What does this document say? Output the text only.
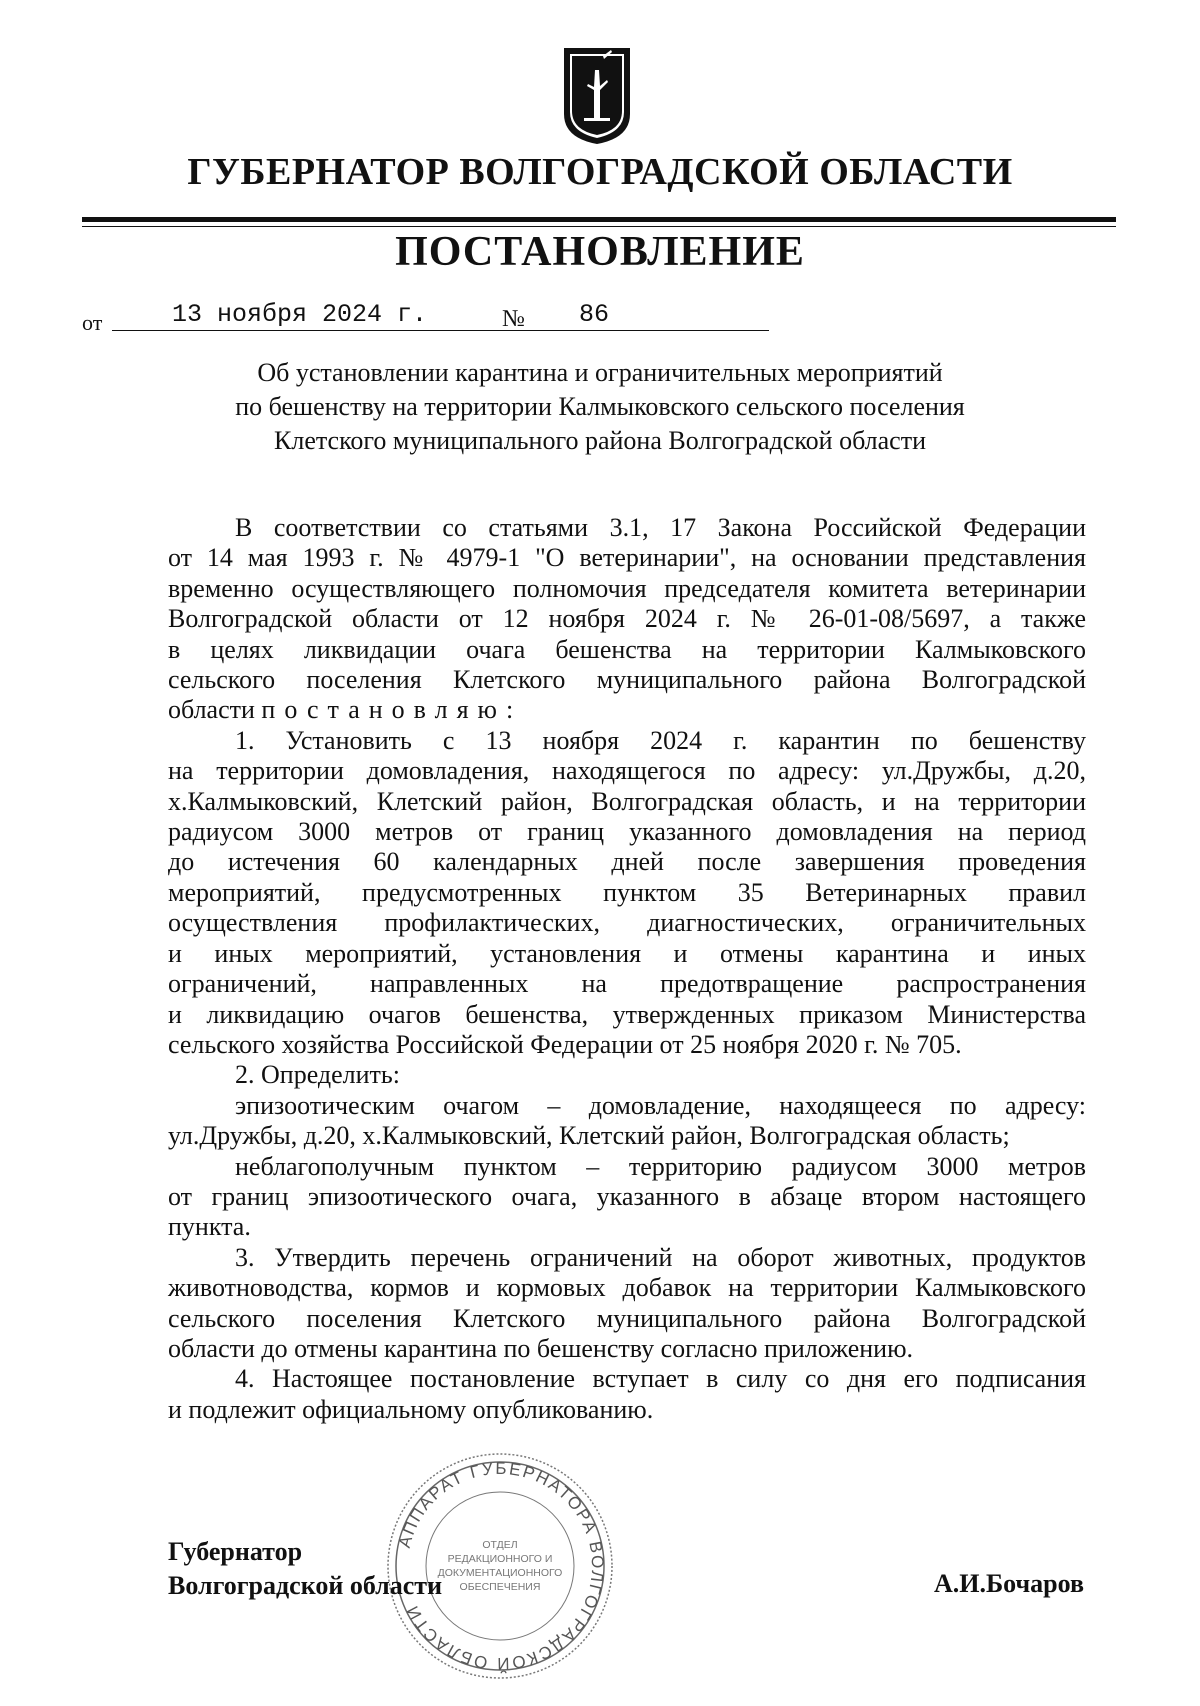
ГУБЕРНАТОР ВОЛГОГРАДСКОЙ ОБЛАСТИ
ПОСТАНОВЛЕНИЕ
от	13 ноября 2024 г.	№ 86
Об установлении карантина и ограничительных мероприятий
по бешенству на территории Калмыковского сельского поселения
Клетского муниципального района Волгоградской области
В соответствии со статьями 3.1, 17 Закона Российской Федерации
от 14 мая 1993 г. № 4979-1 "О ветеринарии", на основании представления
временно осуществляющего полномочия председателя комитета ветеринарии
Волгоградской области от 12 ноября 2024 г. № 26-01-08/5697, а также
в целях ликвидации очага бешенства на территории Калмыковского
сельского поселения Клетского муниципального района Волгоградской
области постановляю:
1. Установить с 13 ноября 2024 г. карантин по бешенству
на территории домовладения, находящегося по адресу: ул.Дружбы, д.20,
х.Калмыковский, Клетский район, Волгоградская область, и на территории
радиусом 3000 метров от границ указанного домовладения на период
до истечения 60 календарных дней после завершения проведения
мероприятий, предусмотренных пунктом 35 Ветеринарных правил
осуществления профилактических, диагностических, ограничительных
и иных мероприятий, установления и отмены карантина и иных
ограничений, направленных на предотвращение распространения
и ликвидацию очагов бешенства, утвержденных приказом Министерства
сельского хозяйства Российской Федерации от 25 ноября 2020 г. № 705.
2. Определить:
эпизоотическим очагом – домовладение, находящееся по адресу:
ул.Дружбы, д.20, х.Калмыковский, Клетский район, Волгоградская область;
неблагополучным пунктом – территорию радиусом 3000 метров
от границ эпизоотического очага, указанного в абзаце втором настоящего
пункта.
3. Утвердить перечень ограничений на оборот животных, продуктов
животноводства, кормов и кормовых добавок на территории Калмыковского
сельского поселения Клетского муниципального района Волгоградской
области до отмены карантина по бешенству согласно приложению.
4. Настоящее постановление вступает в силу со дня его подписания
и подлежит официальному опубликованию.
АППАРАТ ГУБЕРНАТОРА ВОЛГОГРАДСКОЙ ОБЛАСТИ
ОТДЕЛ
РЕДАКЦИОННОГО И
ДОКУМЕНТАЦИОННОГО
ОБЕСПЕЧЕНИЯ
Губернатор
Волгоградской области	А.И.Бочаров
